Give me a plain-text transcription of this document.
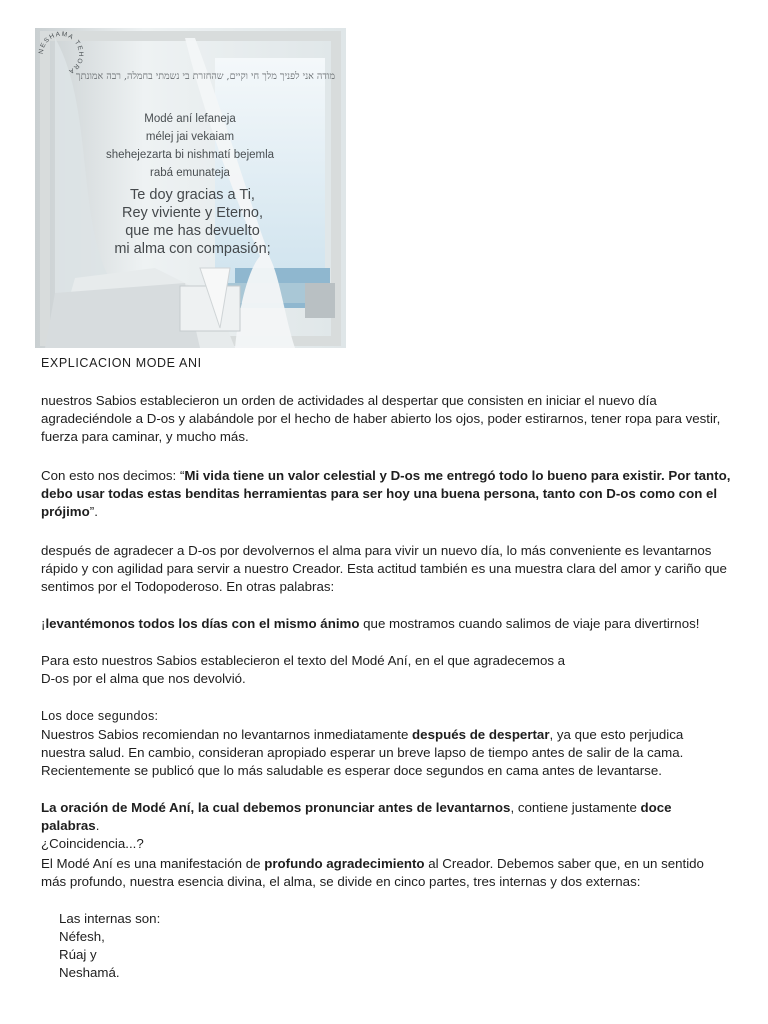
מודה אני לפניך מלך חי וקיים, שהחזרת בי נשמתי בחמלה, רבה אמונתך
Modé aní lefaneja
mélej jai vekaiam
shehejezarta bi nishmatí bejemla
rabá emunateja
Te doy gracias a Ti,
Rey viviente y Eterno,
que me has devuelto
mi alma con compasión;
NESHAMA TEHORA

EXPLICACION MODE ANI

nuestros Sabios establecieron un orden de actividades al despertar que consisten en iniciar el nuevo día agradeciéndole a D-os y alabándole por el hecho de haber abierto los ojos, poder estirarnos, tener ropa para vestir, fuerza para caminar, y mucho más.

Con esto nos decimos: “Mi vida tiene un valor celestial y D-os me entregó todo lo bueno para existir. Por tanto, debo usar todas estas benditas herramientas para ser hoy una buena persona, tanto con D-os como con el prójimo”.

después de agradecer a D-os por devolvernos el alma para vivir un nuevo día, lo más conveniente es levantarnos rápido y con agilidad para servir a nuestro Creador. Esta actitud también es una muestra clara del amor y cariño que sentimos por el Todopoderoso. En otras palabras:

¡levantémonos todos los días con el mismo ánimo que mostramos cuando salimos de viaje para divertirnos!

Para esto nuestros Sabios establecieron el texto del Modé Aní, en el que agradecemos a
D-os por el alma que nos devolvió.

Los doce segundos:

Nuestros Sabios recomiendan no levantarnos inmediatamente después de despertar, ya que esto perjudica nuestra salud. En cambio, consideran apropiado esperar un breve lapso de tiempo antes de salir de la cama. Recientemente se publicó que lo más saludable es esperar doce segundos en cama antes de levantarse.

La oración de Modé Aní, la cual debemos pronunciar antes de levantarnos, contiene justamente doce palabras.
¿Coincidencia...?

El Modé Aní es una manifestación de profundo agradecimiento al Creador. Debemos saber que, en un sentido más profundo, nuestra esencia divina, el alma, se divide en cinco partes, tres internas y dos externas:

Las internas son:
Néfesh,
Rúaj y
Neshamá.
